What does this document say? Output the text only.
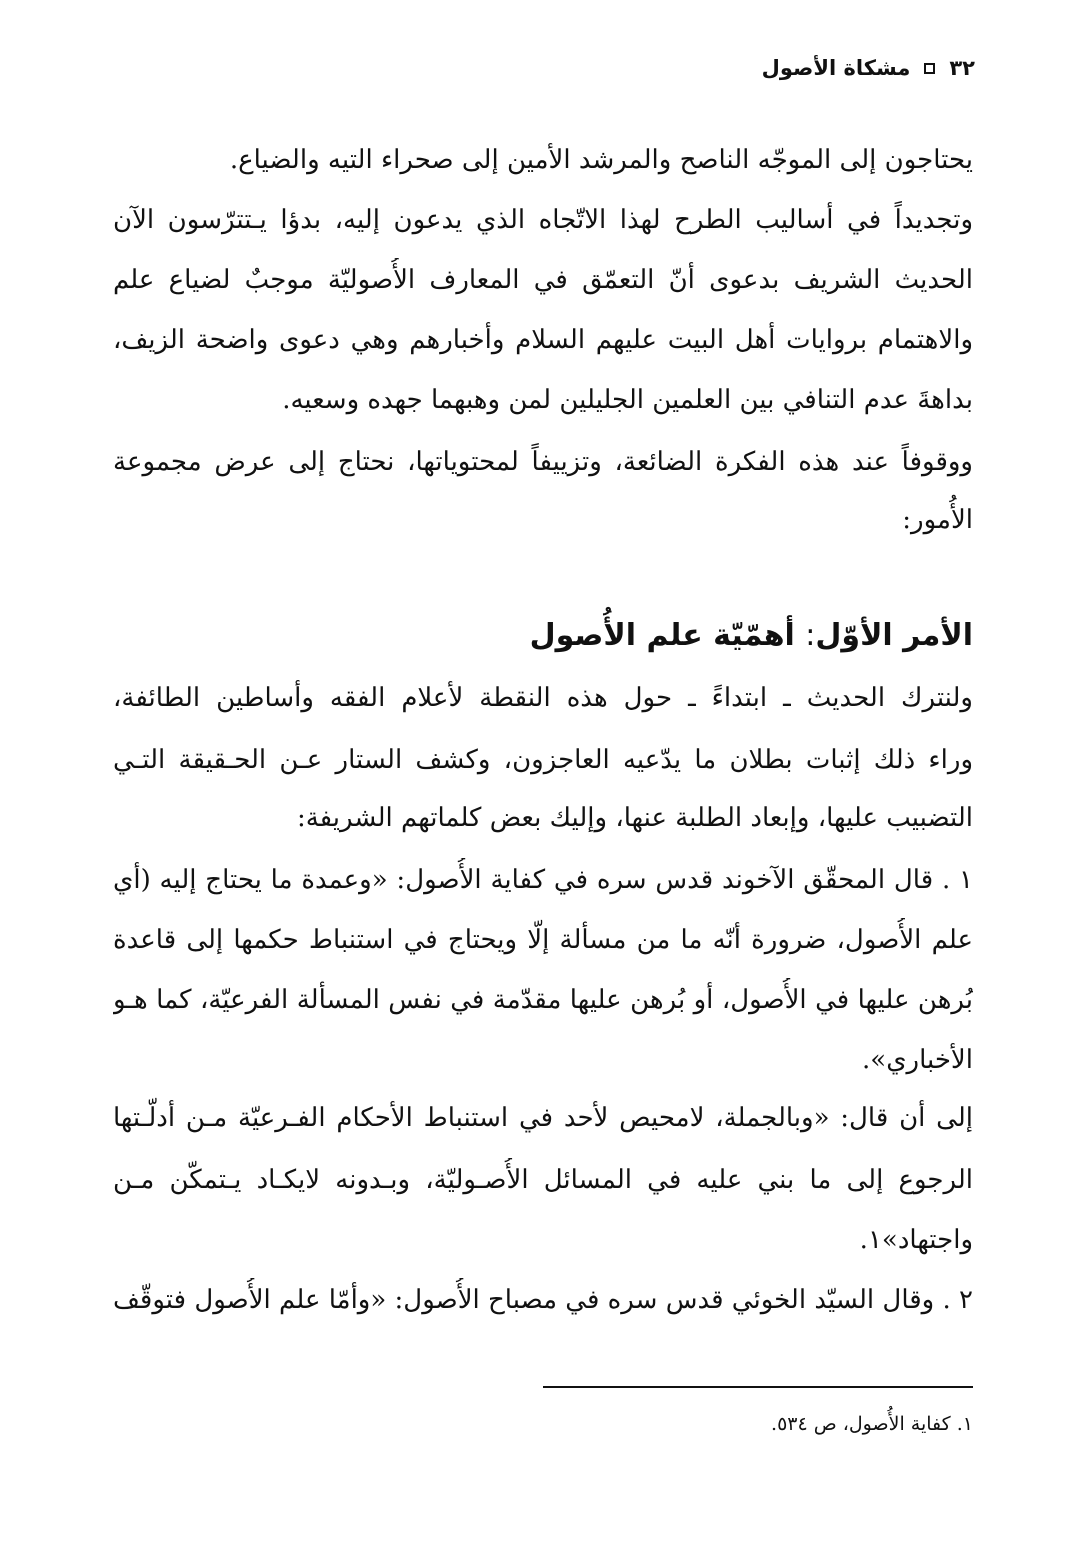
٣٢
مشكاة الأصول
يحتاجون إلى الموجّه الناصح والمرشد الأمين إلى صحراء التيه والضياع.
وتجديداً في أساليب الطرح لهذا الاتّجاه الذي يدعون إليه، بدؤا يـتترّسون الآن
الحديث الشريف بدعوى أنّ التعمّق في المعارف الأُصوليّة موجبٌ لضياع علم
والاهتمام بروايات أهل البيت عليهم السلام وأخبارهم وهي دعوى واضحة الزيف،
بداهةَ عدم التنافي بين العلمين الجليلين لمن وهبهما جهده وسعيه.
ووقوفاً عند هذه الفكرة الضائعة، وتزييفاً لمحتوياتها، نحتاج إلى عرض مجموعة
الأُمور:
الأمر الأوّل: أهمّيّة علم الأُصول
ولنترك الحديث ـ ابتداءً ـ حول هذه النقطة لأعلام الفقه وأساطين الطائفة،
وراء ذلك إثبات بطلان ما يدّعيه العاجزون، وكشف الستار عـن الحـقيقة التـي
التضبيب عليها، وإبعاد الطلبة عنها، وإليك بعض كلماتهم الشريفة:
١ . قال المحقّق الآخوند قدس سره في كفاية الأُصول: «وعمدة ما يحتاج إليه (أي
علم الأُصول، ضرورة أنّه ما من مسألة إلّا ويحتاج في استنباط حكمها إلى قاعدة
بُرهن عليها في الأُصول، أو بُرهن عليها مقدّمة في نفس المسألة الفرعيّة، كما هـو
الأخباري».
إلى أن قال: «وبالجملة، لامحيص لأحد في استنباط الأحكام الفـرعيّة مـن أدلّـتها
الرجوع إلى ما بني عليه في المسائل الأُصـوليّة، وبـدونه لايكـاد يـتمكّن مـن
واجتهاد»١.
٢ . وقال السيّد الخوئي قدس سره في مصباح الأُصول: «وأمّا علم الأُصول فتوقّف
١. كفاية الأُصول، ص ٥٣٤.
